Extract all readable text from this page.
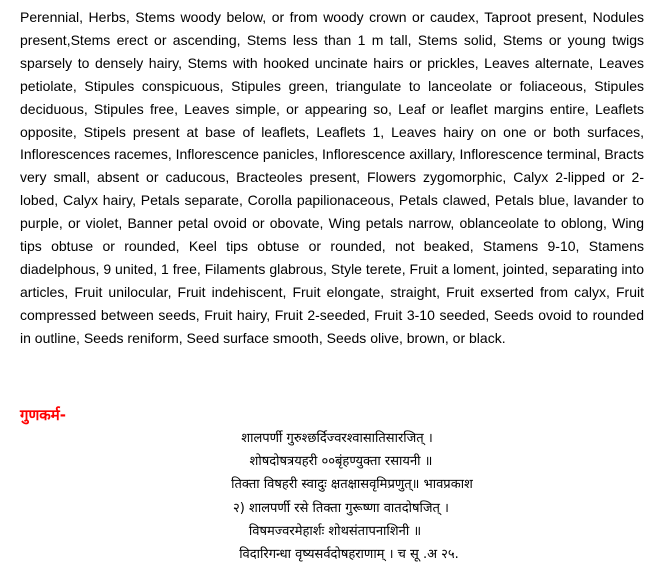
Perennial, Herbs, Stems woody below, or from woody crown or caudex, Taproot present, Nodules present,Stems erect or ascending, Stems less than 1 m tall, Stems solid, Stems or young twigs sparsely to densely hairy, Stems with hooked uncinate hairs or prickles, Leaves alternate, Leaves petiolate, Stipules conspicuous, Stipules green, triangulate to lanceolate or foliaceous, Stipules deciduous, Stipules free, Leaves simple, or appearing so, Leaf or leaflet margins entire, Leaflets opposite, Stipels present at base of leaflets, Leaflets 1, Leaves hairy on one or both surfaces, Inflorescences racemes, Inflorescence panicles, Inflorescence axillary, Inflorescence terminal, Bracts very small, absent or caducous, Bracteoles present, Flowers zygomorphic, Calyx 2-lipped or 2-lobed, Calyx hairy, Petals separate, Corolla papilionaceous, Petals clawed, Petals blue, lavander to purple, or violet, Banner petal ovoid or obovate, Wing petals narrow, oblanceolate to oblong, Wing tips obtuse or rounded, Keel tips obtuse or rounded, not beaked, Stamens 9-10, Stamens diadelphous, 9 united, 1 free, Filaments glabrous, Style terete, Fruit a loment, jointed, separating into articles, Fruit unilocular, Fruit indehiscent, Fruit elongate, straight, Fruit exserted from calyx, Fruit compressed between seeds, Fruit hairy, Fruit 2-seeded, Fruit 3-10 seeded, Seeds ovoid to rounded in outline, Seeds reniform, Seed surface smooth, Seeds olive, brown, or black.

गुणकर्म-
शालपर्णी गुरुश्छर्दिज्वरश्वासातिसारजित् ।
शोषदोषत्रयहरी ००बृंहण्युक्ता रसायनी ॥
तिक्ता विषहरी स्वादुः क्षतक्षासवृमिप्रणुत्॥ भावप्रकाश
२) शालपर्णी रसे तिक्ता गुरूष्णा वातदोषजित् ।
विषमज्वरमेहार्शः शोथसंतापनाशिनी ॥
विदारिगन्धा वृष्यसर्वदोषहराणाम् । च सू .अ २५.
